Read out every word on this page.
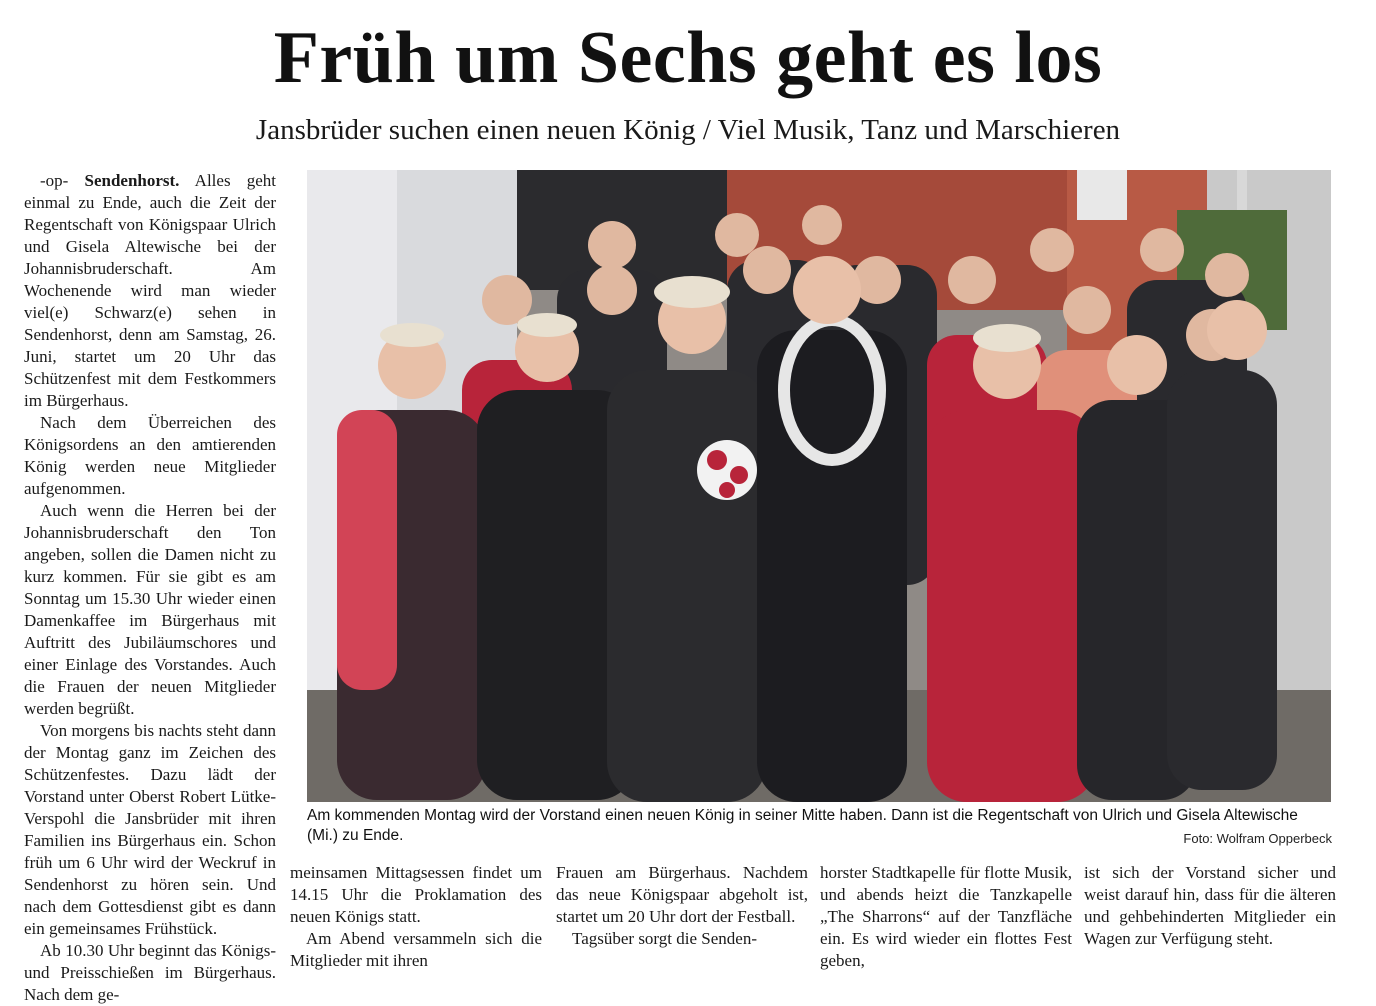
Früh um Sechs geht es los
Jansbrüder suchen einen neuen König / Viel Musik, Tanz und Marschieren

-op- Sendenhorst. Alles geht einmal zu Ende, auch die Zeit der Regentschaft von Königspaar Ulrich und Gisela Altewische bei der Johannisbruderschaft. Am Wochenende wird man wieder viel(e) Schwarz(e) sehen in Sendenhorst, denn am Samstag, 26. Juni, startet um 20 Uhr das Schützenfest mit dem Festkommers im Bürgerhaus.

Nach dem Überreichen des Königsordens an den amtierenden König werden neue Mitglieder aufgenommen.

Auch wenn die Herren bei der Johannisbruderschaft den Ton angeben, sollen die Damen nicht zu kurz kommen. Für sie gibt es am Sonntag um 15.30 Uhr wieder einen Damenkaffee im Bürgerhaus mit Auftritt des Jubiläumschores und einer Einlage des Vorstandes. Auch die Frauen der neuen Mitglieder werden begrüßt.

Von morgens bis nachts steht dann der Montag ganz im Zeichen des Schützenfestes. Dazu lädt der Vorstand unter Oberst Robert Lütke-Verspohl die Jansbrüder mit ihren Familien ins Bürgerhaus ein. Schon früh um 6 Uhr wird der Weckruf in Sendenhorst zu hören sein. Und nach dem Gottesdienst gibt es dann ein gemeinsames Frühstück.

Ab 10.30 Uhr beginnt das Königs- und Preisschießen im Bürgerhaus. Nach dem ge-

Am kommenden Montag wird der Vorstand einen neuen König in seiner Mitte haben. Dann ist die Regentschaft von Ulrich und Gisela Altewische (Mi.) zu Ende.	Foto: Wolfram Opperbeck

meinsamen Mittagsessen findet um 14.15 Uhr die Proklamation des neuen Königs statt.

Am Abend versammeln sich die Mitglieder mit ihren

Frauen am Bürgerhaus. Nachdem das neue Königspaar abgeholt ist, startet um 20 Uhr dort der Festball.

Tagsüber sorgt die Senden-

horster Stadtkapelle für flotte Musik, und abends heizt die Tanzkapelle „The Sharrons“ auf der Tanzfläche ein. Es wird wieder ein flottes Fest geben,

ist sich der Vorstand sicher und weist darauf hin, dass für die älteren und gehbehinderten Mitglieder ein Wagen zur Verfügung steht.
